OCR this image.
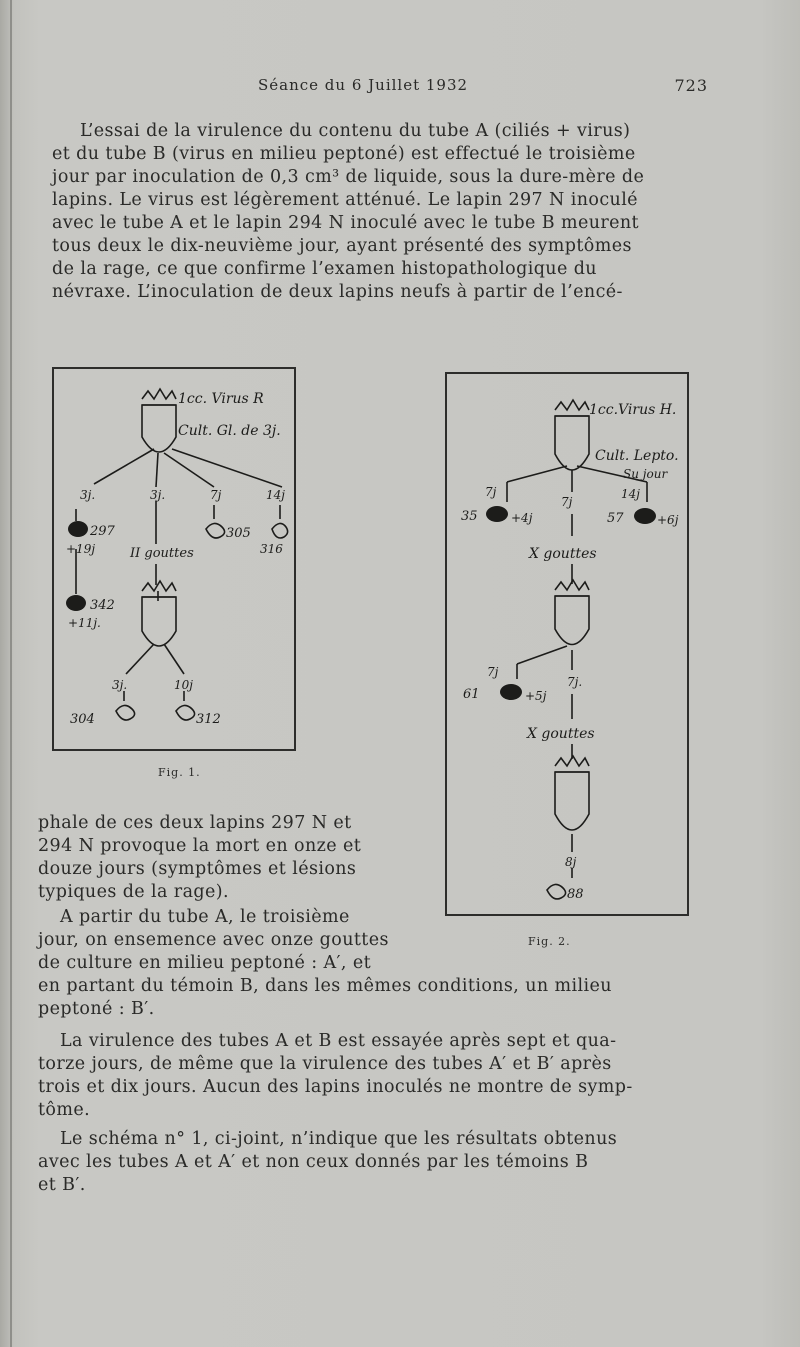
Séance du 6 Juillet 1932	723
L’essai de la virulence du contenu du tube A (ciliés + virus)
et du tube B (virus en milieu peptoné) est effectué le troisième
jour par inoculation de 0,3 cm³ de liquide, sous la dure-mère de
lapins. Le virus est légèrement atténué. Le lapin 297 N inoculé
avec le tube A et le lapin 294 N inoculé avec le tube B meurent
tous deux le dix-neuvième jour, ayant présenté des symptômes
de la rage, ce que confirme l’examen histopathologique du
névraxe. L’inoculation de deux lapins neufs à partir de l’encé-
1cc. Virus R
Cult. Gl. de 3j.
3j.	3j.	7j	14j
297
+19j	II gouttes
305
316
342
+11j.
3j.	10j
304	312
Fig. 1.
1cc.Virus H.
Cult. Lepto.
Su jour
7j
7j
14j
35	+4j	57	+6j
X gouttes
7j
7j.
61	+5j
X gouttes
8j
88
Fig. 2.
phale de ces deux lapins 297 N et
294 N provoque la mort en onze et
douze jours (symptômes et lésions
typiques de la rage).
A partir du tube A, le troisième
jour, on ensemence avec onze gouttes
de culture en milieu peptoné : A′, et
en partant du témoin B, dans les mêmes conditions, un milieu
peptoné : B′.
La virulence des tubes A et B est essayée après sept et qua-
torze jours, de même que la virulence des tubes A′ et B′ après
trois et dix jours. Aucun des lapins inoculés ne montre de symp-
tôme.
Le schéma n° 1, ci-joint, n’indique que les résultats obtenus
avec les tubes A et A′ et non ceux donnés par les témoins B
et B′.
